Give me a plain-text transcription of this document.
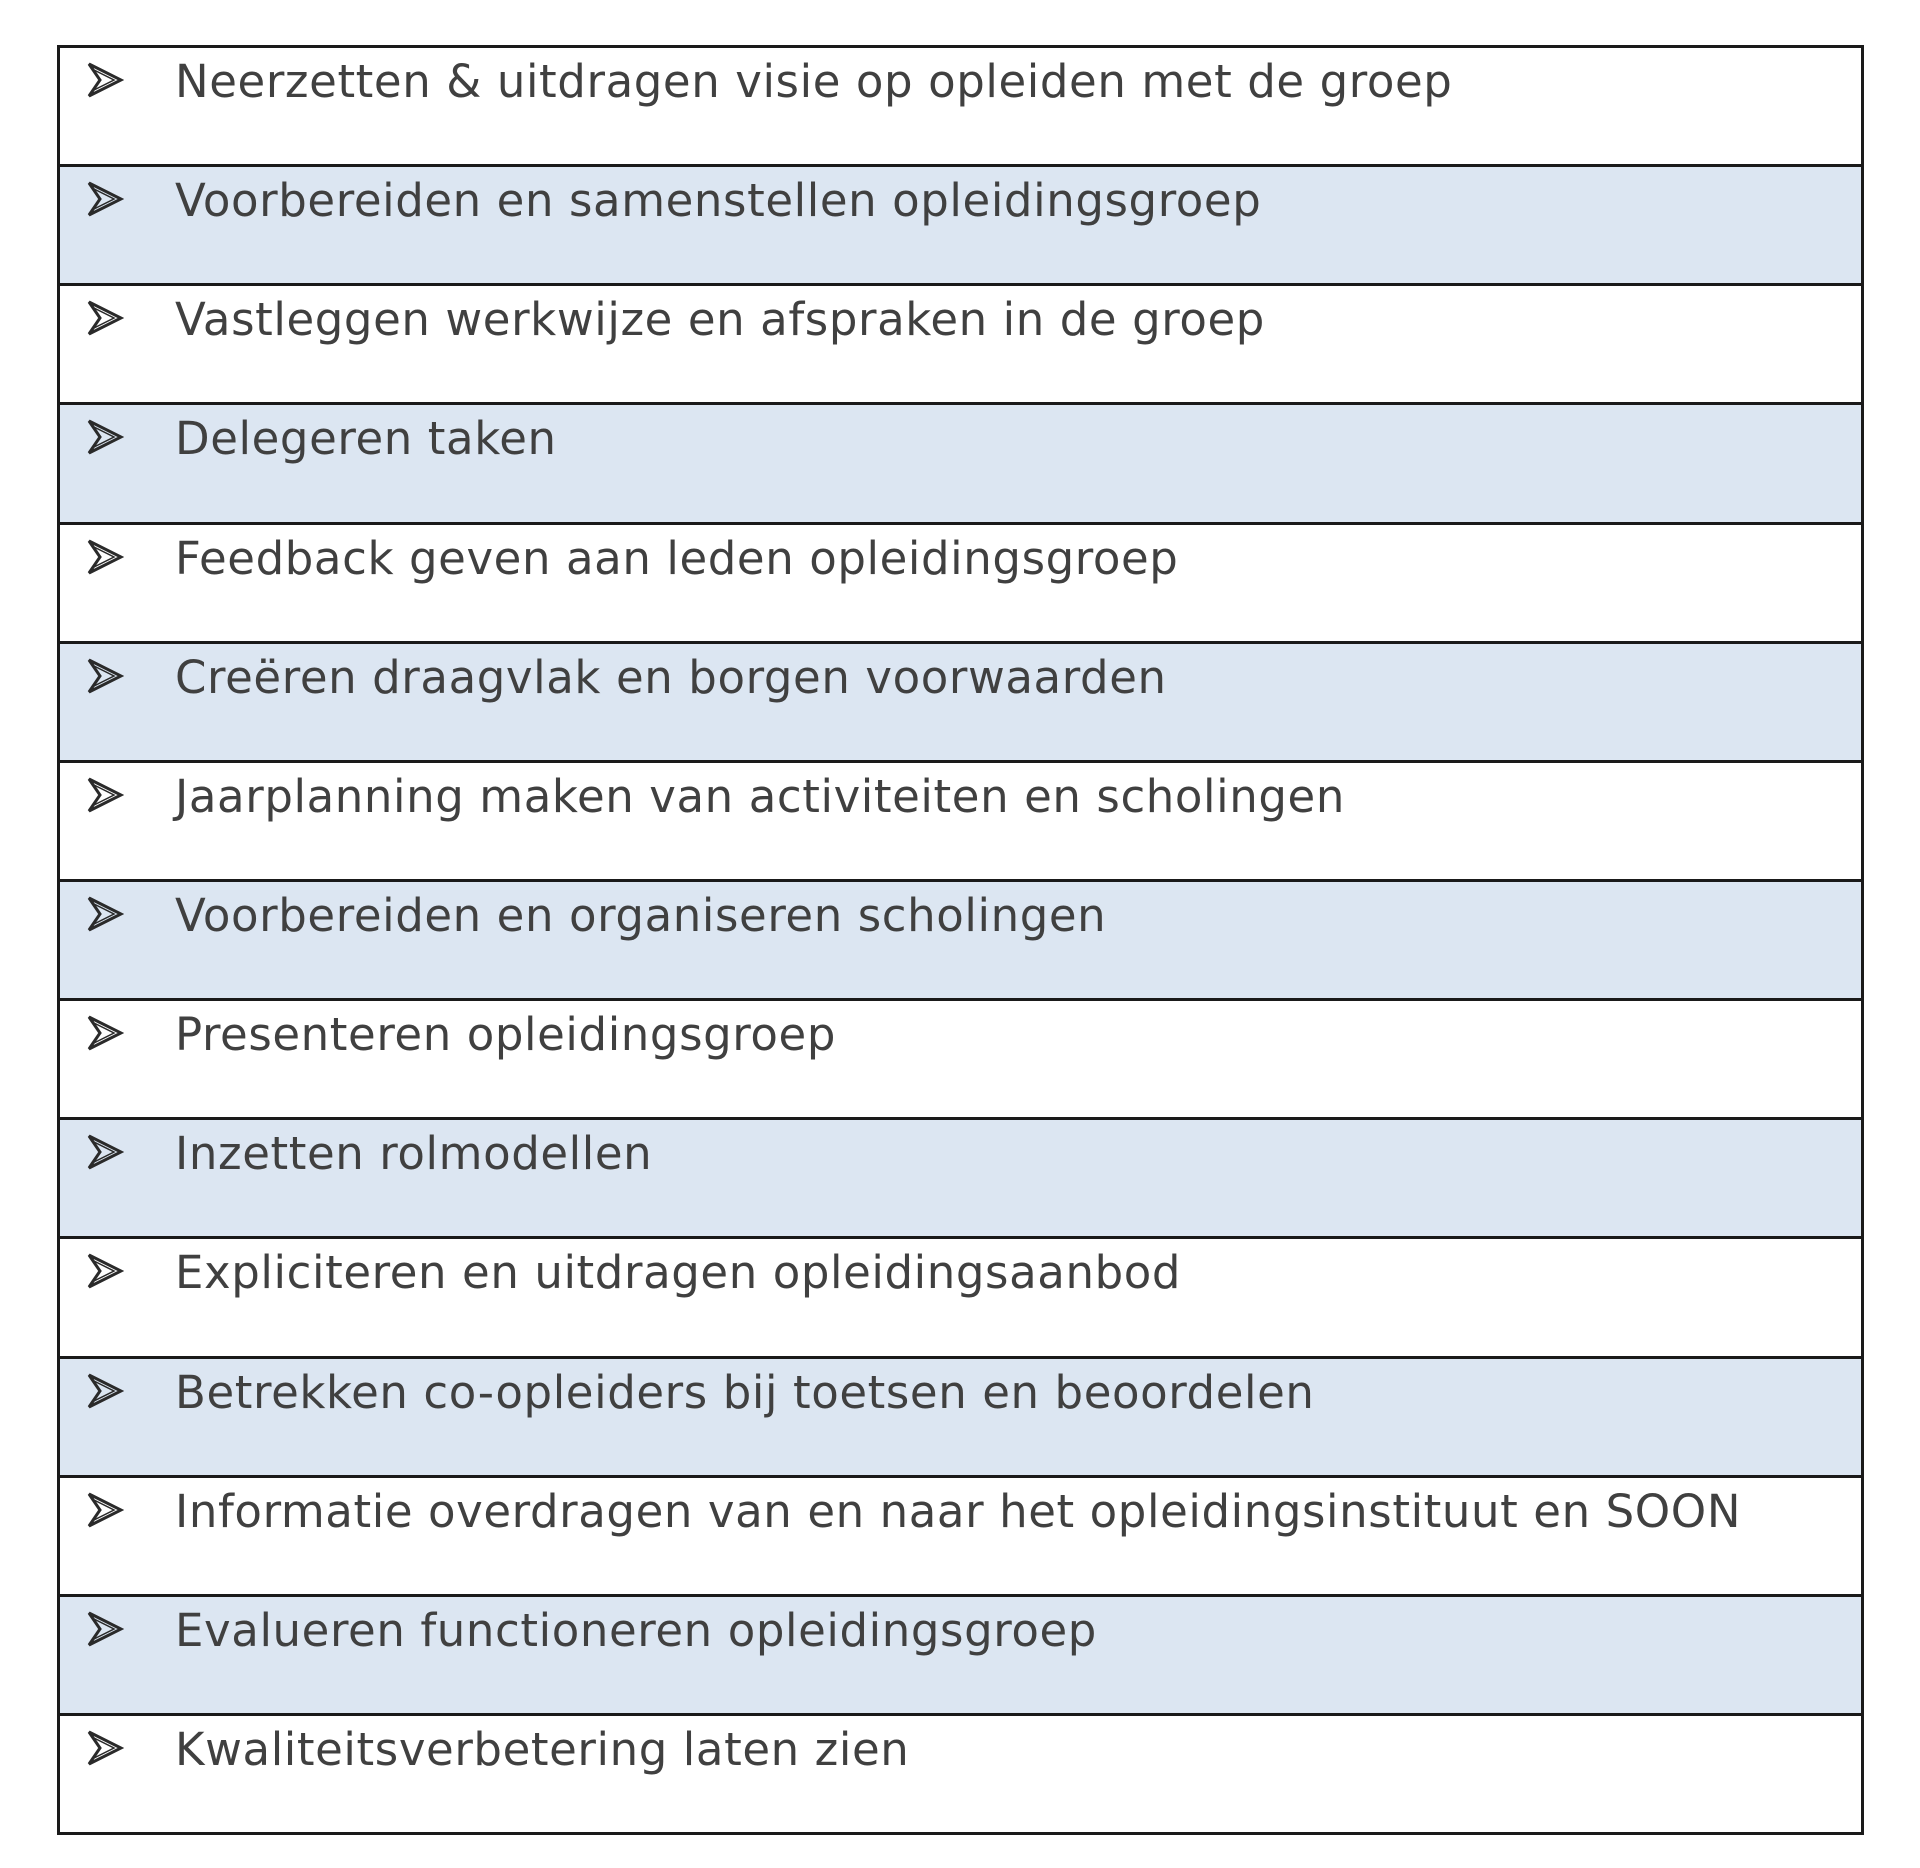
Neerzetten & uitdragen visie op opleiden met de groep
Voorbereiden en samenstellen opleidingsgroep
Vastleggen werkwijze en afspraken in de groep
Delegeren taken
Feedback geven aan leden opleidingsgroep
Creëren draagvlak en borgen voorwaarden
Jaarplanning maken van activiteiten en scholingen
Voorbereiden en organiseren scholingen
Presenteren opleidingsgroep
Inzetten rolmodellen
Expliciteren en uitdragen opleidingsaanbod
Betrekken co-opleiders bij toetsen en beoordelen
Informatie overdragen van en naar het opleidingsinstituut en SOON
Evalueren functioneren opleidingsgroep
Kwaliteitsverbetering laten zien
